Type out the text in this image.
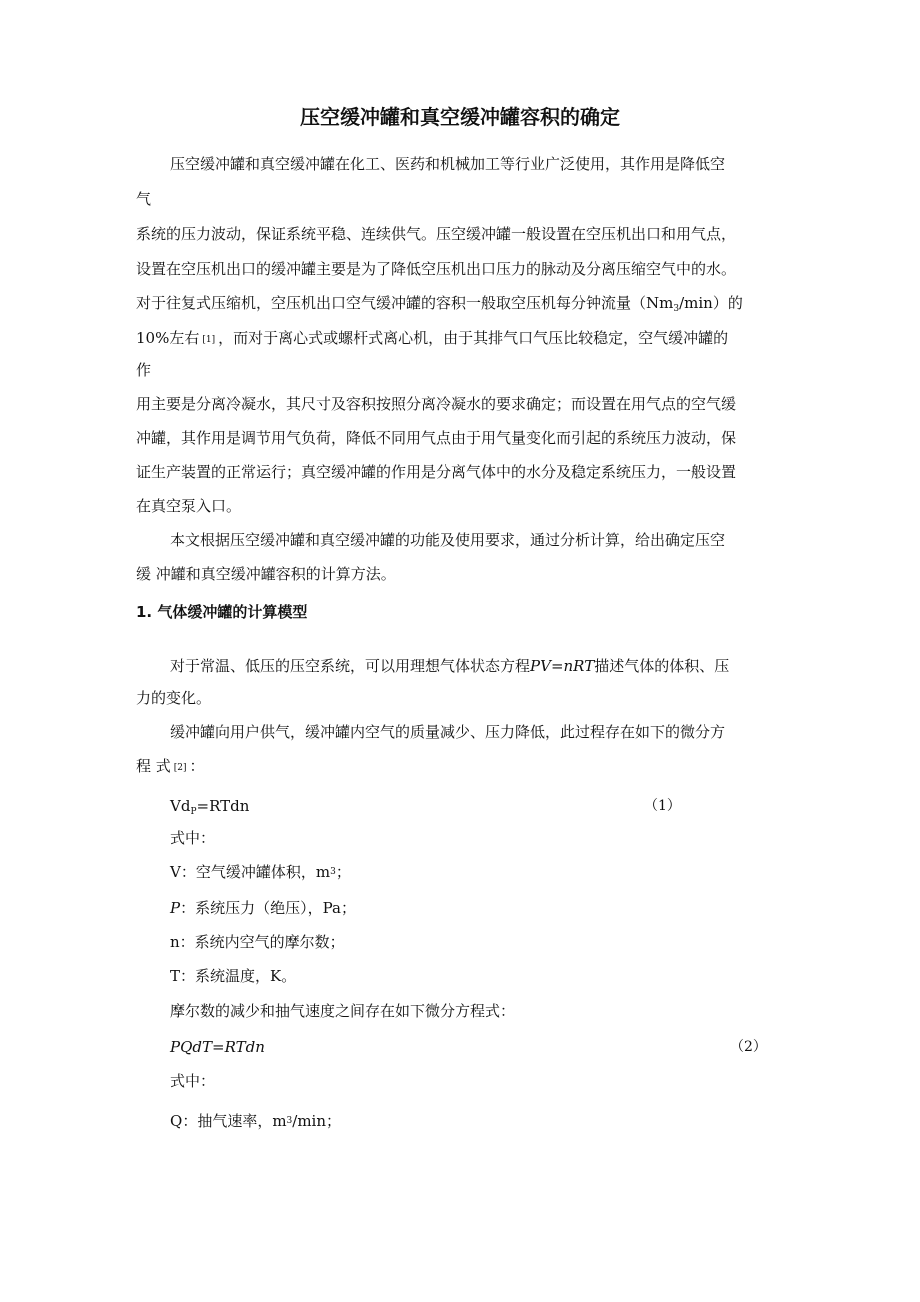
压空缓冲罐和真空缓冲罐容积的确定
压空缓冲罐和真空缓冲罐在化工、医药和机械加工等行业广泛使用，其作用是降低空
气
系统的压力波动，保证系统平稳、连续供气。压空缓冲罐一般设置在空压机出口和用气点，
设置在空压机出口的缓冲罐主要是为了降低空压机出口压力的脉动及分离压缩空气中的水。
对于往复式压缩机，空压机出口空气缓冲罐的容积一般取空压机每分钟流量$(Nm_3/\min)$的
10%左右 [1] ，而对于离心式或螺杆式离心机，由于其排气口气压比较稳定，空气缓冲罐的
作
用主要是分离冷凝水，其尺寸及容积按照分离冷凝水的要求确定；而设置在用气点的空气缓
冲罐，其作用是调节用气负荷，降低不同用气点由于用气量变化而引起的系统压力波动，保
证生产装置的正常运行；真空缓冲罐的作用是分离气体中的水分及稳定系统压力，一般设置
在真空泵入口。
本文根据压空缓冲罐和真空缓冲罐的功能及使用要求，通过分析计算，给出确定压空
缓 冲罐和真空缓冲罐容积的计算方法。
1. 气体缓冲罐的计算模型
对于常温、低压的压空系统，可以用理想气体状态方程PV=nRT描述气体的体积、压
力的变化。
缓冲罐向用户供气，缓冲罐内空气的质量减少、压力降低，此过程存在如下的微分方
程 式 [2] ：
$Vd_P=RTdn$	（1）
式中：
V：空气缓冲罐体积，$m^3$；
P：系统压力（绝压），Pa；
n：系统内空气的摩尔数；
T：系统温度，K。
摩尔数的减少和抽气速度之间存在如下微分方程式：
PQdT=RTdn	（2）
式中：
Q：抽气速率，$m^3/\min$；
